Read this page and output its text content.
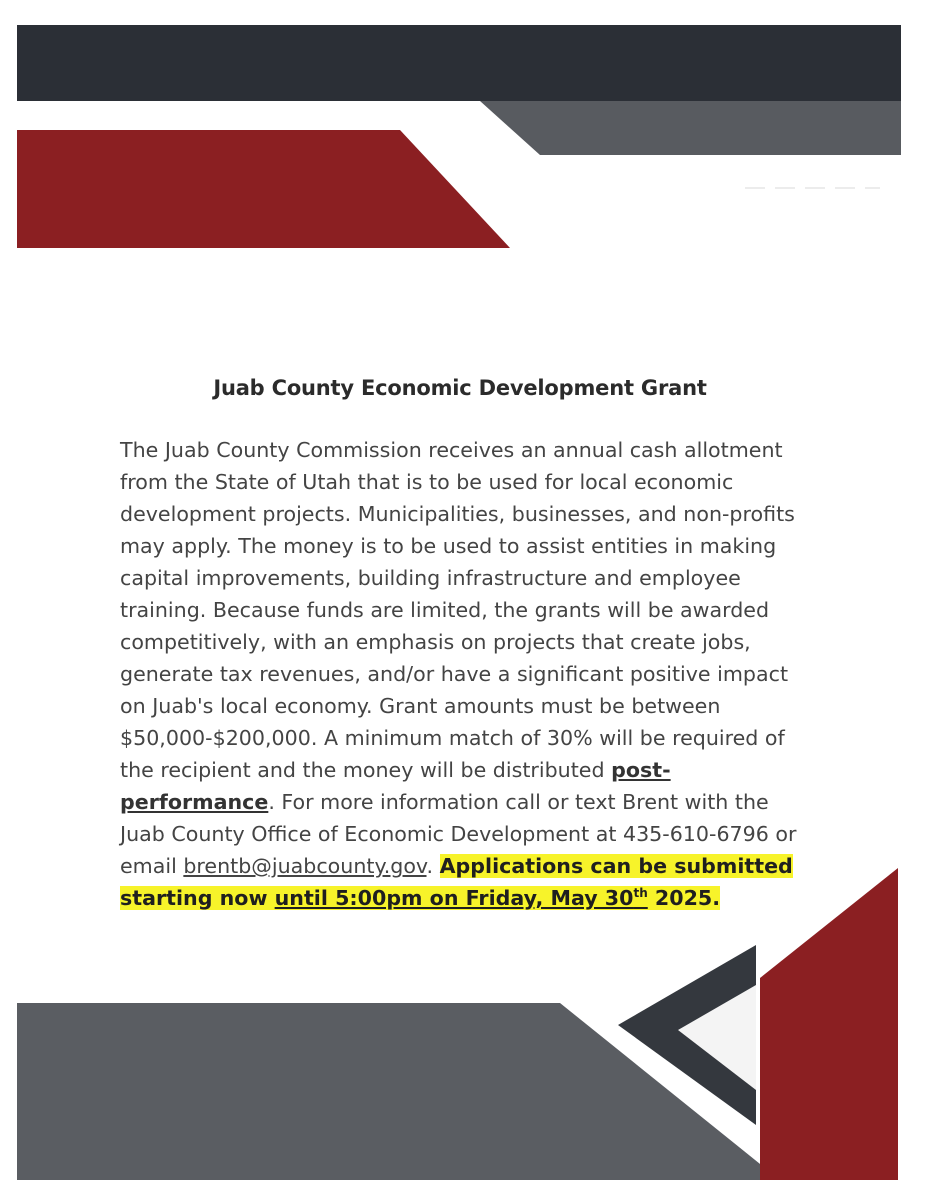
Juab County Economic Development Grant

The Juab County Commission receives an annual cash allotment from the State of Utah that is to be used for local economic development projects. Municipalities, businesses, and non-profits may apply. The money is to be used to assist entities in making capital improvements, building infrastructure and employee training. Because funds are limited, the grants will be awarded competitively, with an emphasis on projects that create jobs, generate tax revenues, and/or have a significant positive impact on Juab's local economy. Grant amounts must be between $50,000-$200,000. A minimum match of 30% will be required of the recipient and the money will be distributed post-performance. For more information call or text Brent with the Juab County Office of Economic Development at 435-610-6796 or email brentb@juabcounty.gov. Applications can be submitted starting now until 5:00pm on Friday, May 30th 2025.
